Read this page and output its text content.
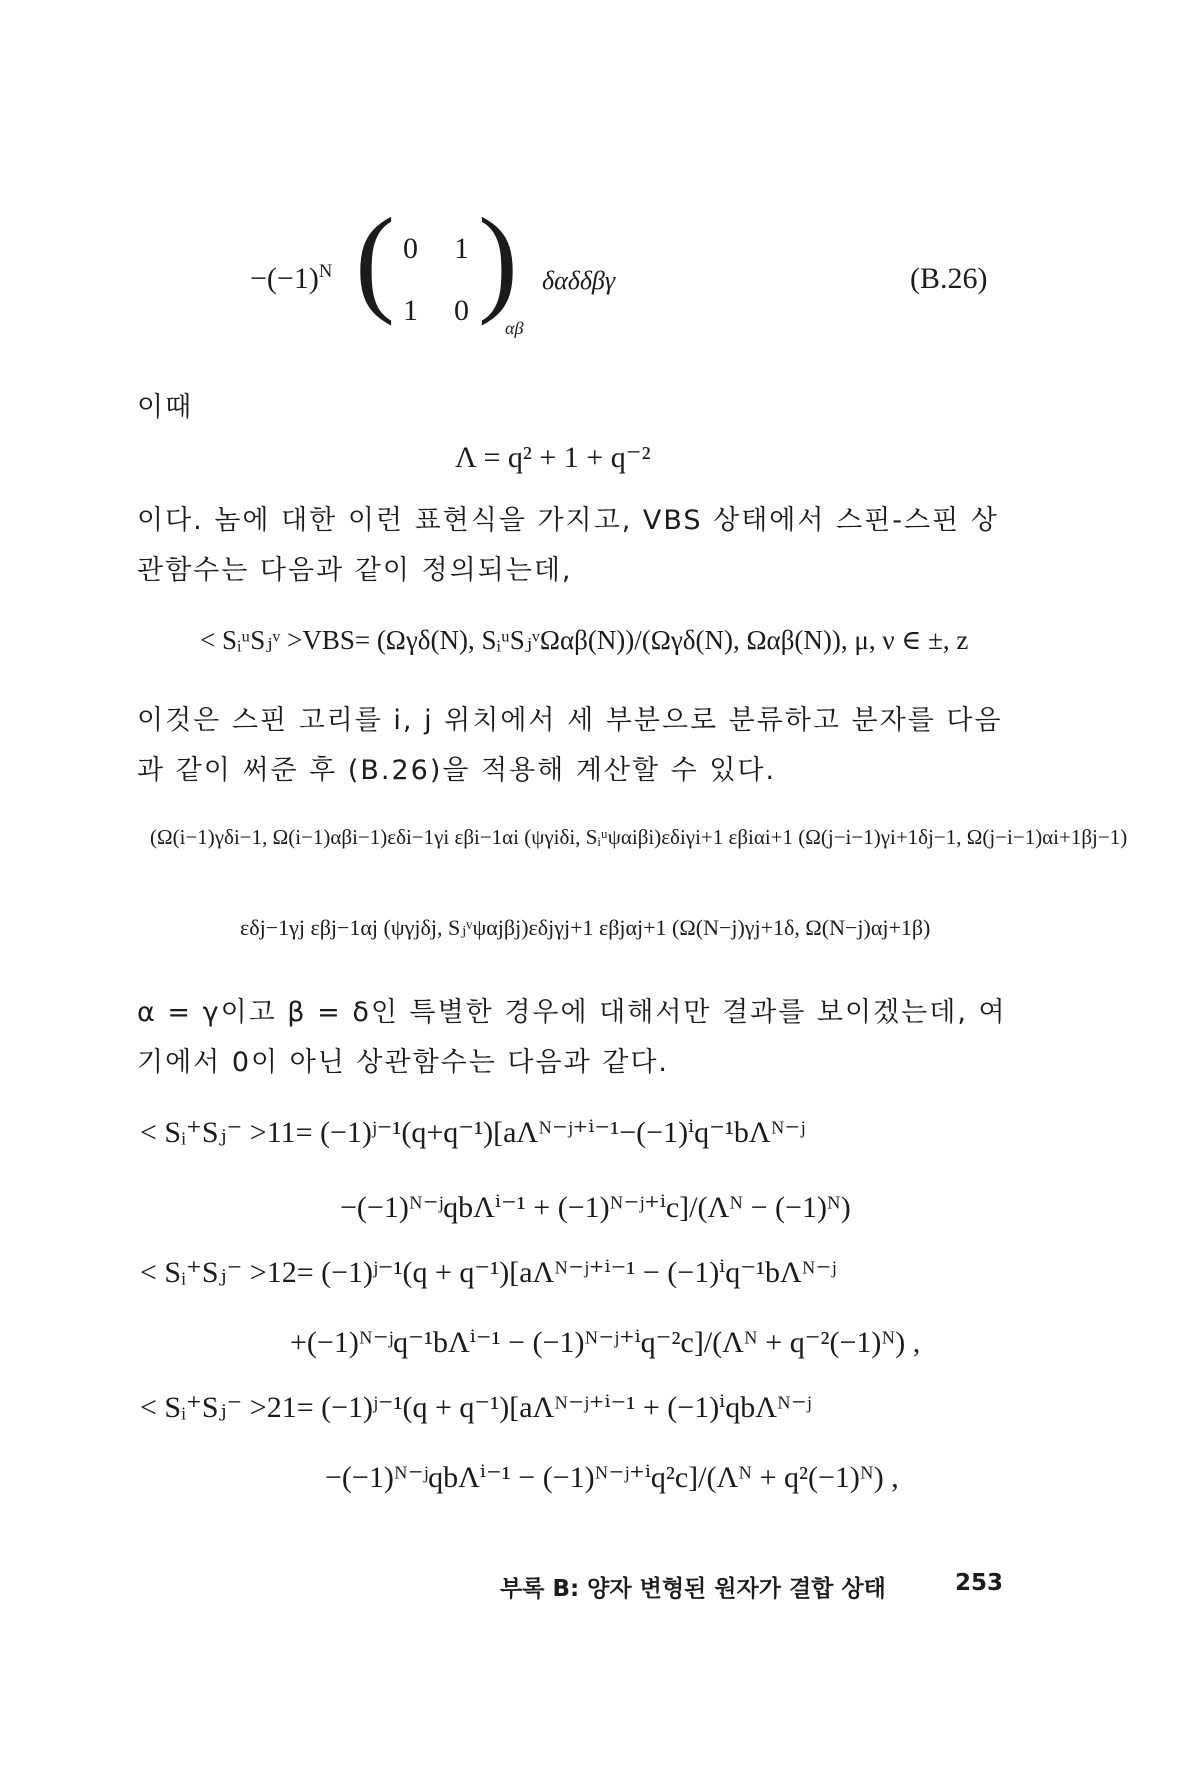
$-(-1)^N$ ( 0	1
1	0 )
αβ
δαδδβγ	(B.26)
이때
Λ = q² + 1 + q⁻²
이다. 놈에 대한 이런 표현식을 가지고, VBS 상태에서 스핀-스핀 상
관함수는 다음과 같이 정의되는데,
< SᵢᵘSⱼᵛ >VBS= (Ωγδ(N), SᵢᵘSⱼᵛΩαβ(N))/(Ωγδ(N), Ωαβ(N)), μ, ν ∈ ±, z
이것은 스핀 고리를 i, j 위치에서 세 부분으로 분류하고 분자를 다음
과 같이 써준 후 (B.26)을 적용해 계산할 수 있다.
(Ω(i−1)γδi−1, Ω(i−1)αβi−1)εδi−1γi εβi−1αi (ψγiδi, Sᵢᵘψαiβi)εδiγi+1 εβiαi+1 (Ω(j−i−1)γi+1δj−1, Ω(j−i−1)αi+1βj−1)
εδj−1γj εβj−1αj (ψγjδj, Sⱼᵛψαjβj)εδjγj+1 εβjαj+1 (Ω(N−j)γj+1δ, Ω(N−j)αj+1β)
α = γ이고 β = δ인 특별한 경우에 대해서만 결과를 보이겠는데, 여
기에서 0이 아닌 상관함수는 다음과 같다.
< Sᵢ⁺Sⱼ⁻ >11= (−1)ʲ⁻¹(q+q⁻¹)[aΛᴺ⁻ʲ⁺ⁱ⁻¹−(−1)ⁱq⁻¹bΛᴺ⁻ʲ
−(−1)ᴺ⁻ʲqbΛⁱ⁻¹ + (−1)ᴺ⁻ʲ⁺ⁱc]/(Λᴺ − (−1)ᴺ)
< Sᵢ⁺Sⱼ⁻ >12= (−1)ʲ⁻¹(q + q⁻¹)[aΛᴺ⁻ʲ⁺ⁱ⁻¹ − (−1)ⁱq⁻¹bΛᴺ⁻ʲ
+(−1)ᴺ⁻ʲq⁻¹bΛⁱ⁻¹ − (−1)ᴺ⁻ʲ⁺ⁱq⁻²c]/(Λᴺ + q⁻²(−1)ᴺ) ,
< Sᵢ⁺Sⱼ⁻ >21= (−1)ʲ⁻¹(q + q⁻¹)[aΛᴺ⁻ʲ⁺ⁱ⁻¹ + (−1)ⁱqbΛᴺ⁻ʲ
−(−1)ᴺ⁻ʲqbΛⁱ⁻¹ − (−1)ᴺ⁻ʲ⁺ⁱq²c]/(Λᴺ + q²(−1)ᴺ) ,
부록 B: 양자 변형된 원자가 결합 상태	253
